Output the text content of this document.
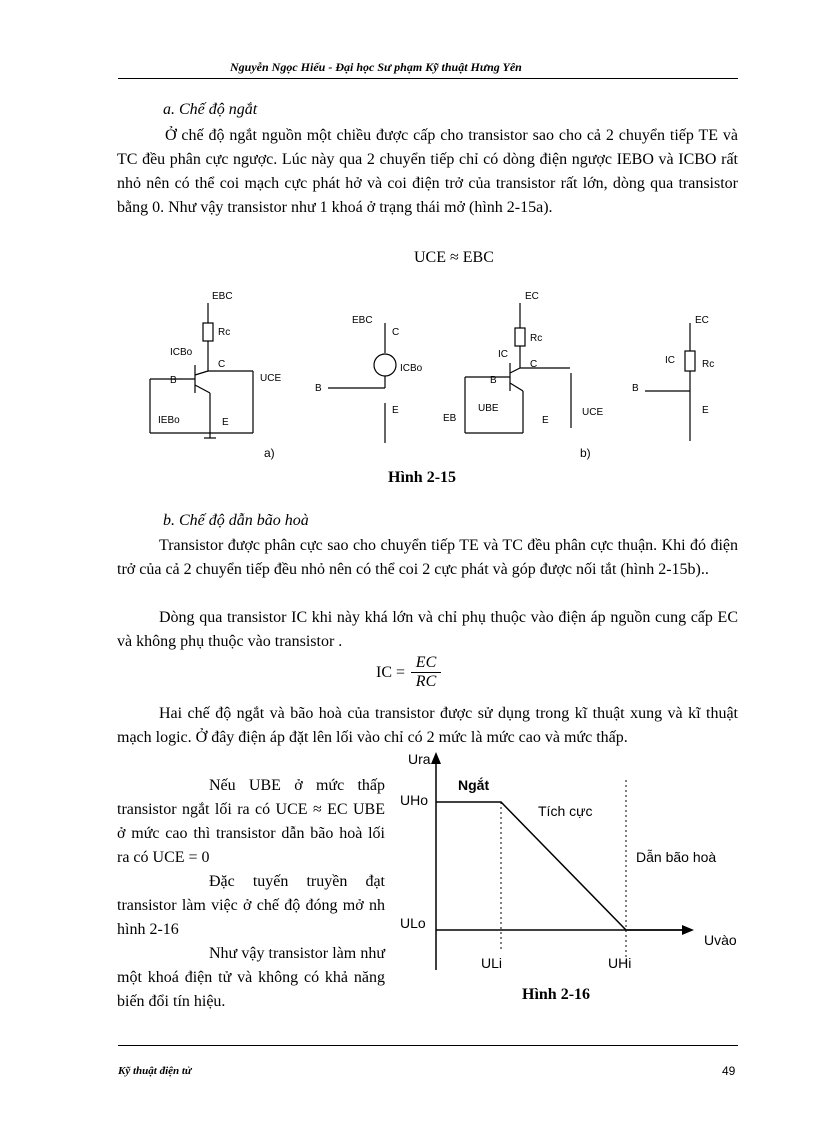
Nguyễn Ngọc Hiếu - Đại học Sư phạm Kỹ thuật Hưng Yên
a. Chế độ ngắt
Ở chế độ ngắt nguồn một chiều được cấp cho transistor sao cho cả 2 chuyển tiếp TE và TC đều phân cực ngược. Lúc này qua 2 chuyển tiếp chỉ có dòng điện ngược IEBO và ICBO rất nhỏ nên có thể coi mạch cực phát hở và coi điện trở của transistor rất lớn, dòng qua transistor bằng 0. Như vậy transistor như 1 khoá ở trạng thái mở (hình 2-15a).
UCE ≈ EBC
EBC
Rc
ICBo
C
UCE
B
IEBo	E
EBC
C
ICBo
B
E
EC
Rc
IC
C
B
UBE
EB	E
UCE
EC
Rc
IC
B
E
a)	b)
Hình 2-15
b. Chế độ dẫn bão hoà
Transistor được phân cực sao cho chuyển tiếp TE và TC đều phân cực thuận. Khi đó điện trở của cả 2 chuyển tiếp đều nhỏ nên có thể coi 2 cực phát và góp được nối tắt (hình 2-15b)..
Dòng qua transistor IC khi này khá lớn và chỉ phụ thuộc vào điện áp nguồn cung cấp EC và không phụ thuộc vào transistor .
IC = $\frac{EC}{RC}$
Hai chế độ ngắt và bão hoà của transistor được sử dụng trong kĩ thuật xung và kĩ thuật mạch logic. Ở đây điện áp đặt lên lối vào chỉ có 2 mức là mức cao và mức thấp.
Nếu UBE ở mức thấp transistor ngắt lối ra có UCE ≈ EC UBE ở mức cao thì transistor dẫn bão hoà lối ra có UCE = 0
Đặc tuyến truyền đạt transistor làm việc ở chế độ đóng mở nh hình 2-16
Như vậy transistor làm như một khoá điện tử và không có khả năng biến đổi tín hiệu.
Ura
Uvào
UHo
ULo
ULi	UHi
Ngắt
Tích cực
Dẫn bão hoà
Hình 2-16
Kỹ thuật điện tử	49
